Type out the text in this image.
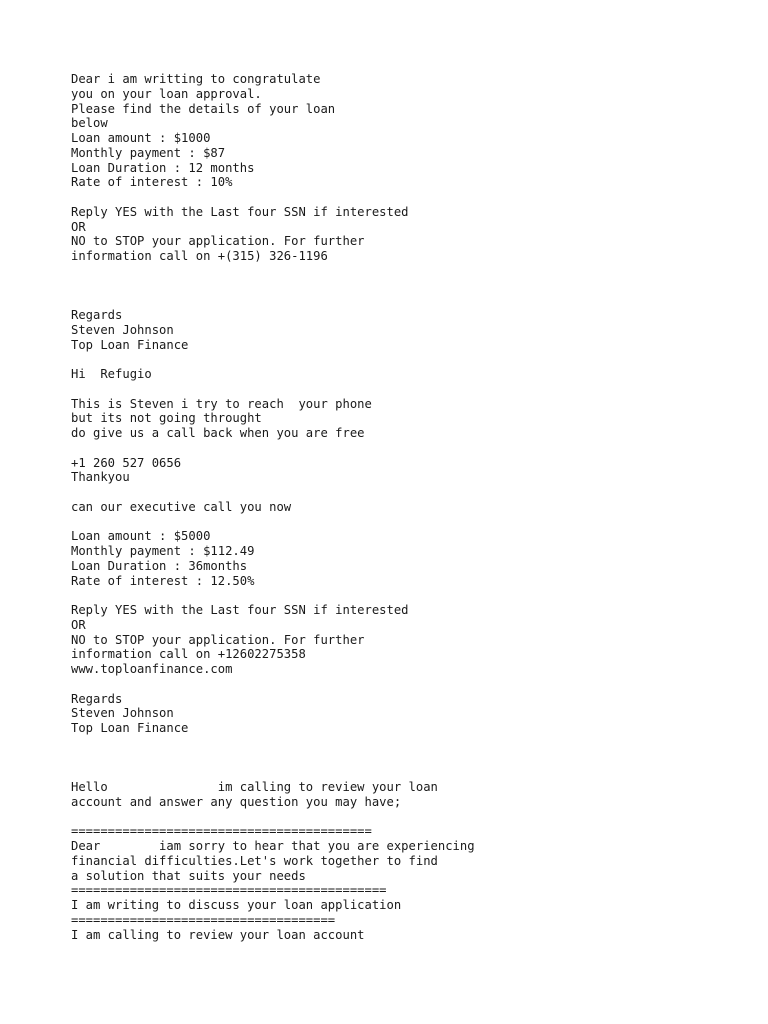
Dear i am writting to congratulate
you on your loan approval.
Please find the details of your loan
below
Loan amount : $1000
Monthly payment : $87
Loan Duration : 12 months
Rate of interest : 10%
Reply YES with the Last four SSN if interested
OR
NO to STOP your application. For further
information call on +(315) 326-1196
Regards
Steven Johnson
Top Loan Finance
Hi  Refugio
This is Steven i try to reach  your phone
but its not going throught
do give us a call back when you are free
+1 260 527 0656
Thankyou
can our executive call you now
Loan amount : $5000
Monthly payment : $112.49
Loan Duration : 36months
Rate of interest : 12.50%
Reply YES with the Last four SSN if interested
OR
NO to STOP your application. For further
information call on +12602275358
www.toploanfinance.com
Regards
Steven Johnson
Top Loan Finance
Hello               im calling to review your loan
account and answer any question you may have;
=========================================
Dear        iam sorry to hear that you are experiencing
financial difficulties.Let's work together to find
a solution that suits your needs
===========================================
I am writing to discuss your loan application
====================================
I am calling to review your loan account
